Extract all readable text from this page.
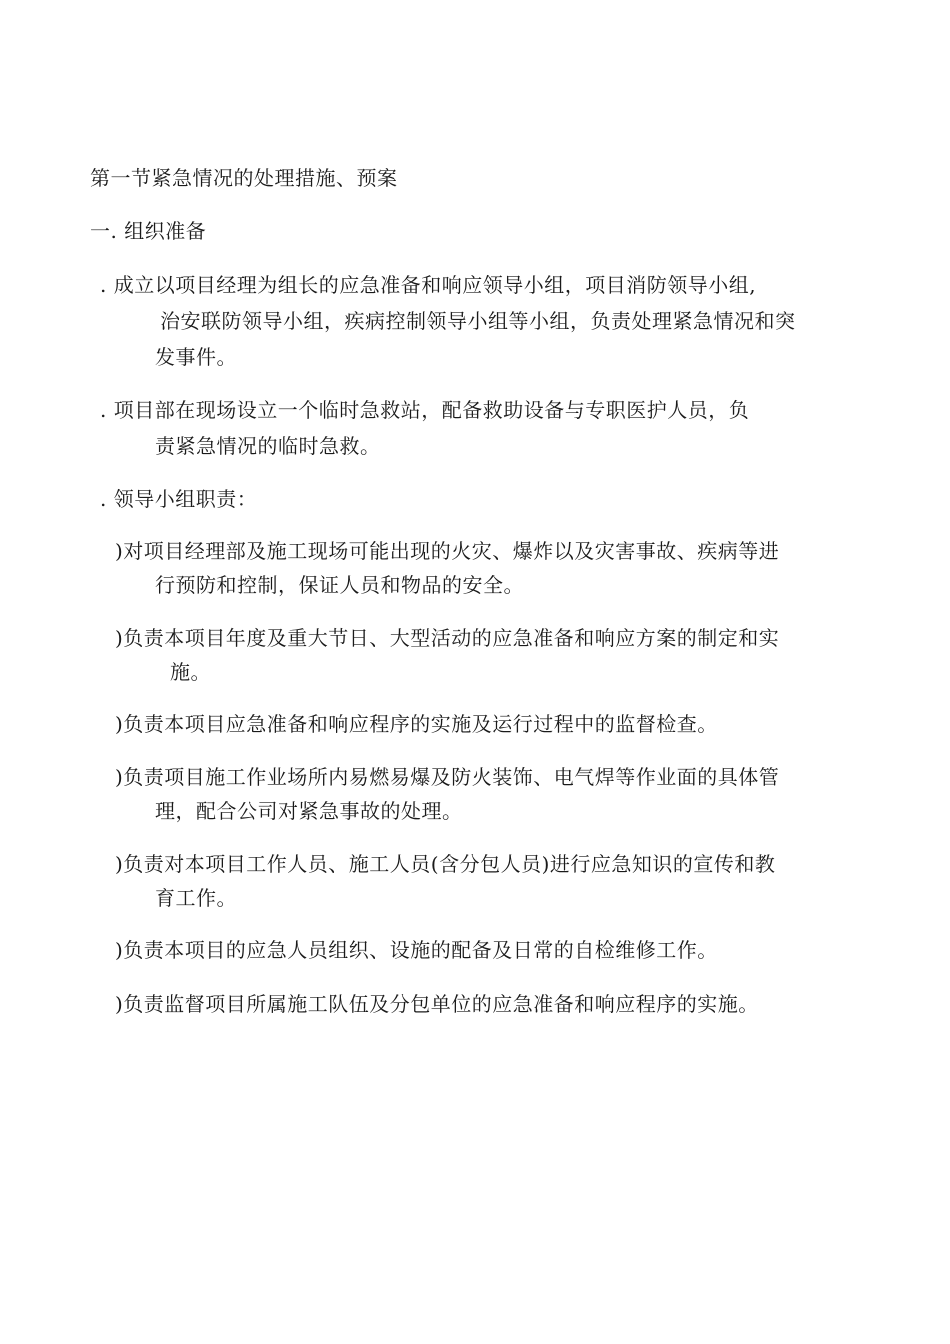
第一节紧急情况的处理措施、预案
一. 组织准备
. 成立以项目经理为组长的应急准备和响应领导小组，项目消防领导小组,
治安联防领导小组，疾病控制领导小组等小组，负责处理紧急情况和突
发事件。
. 项目部在现场设立一个临时急救站，配备救助设备与专职医护人员，负
责紧急情况的临时急救。
. 领导小组职责：
)对项目经理部及施工现场可能出现的火灾、爆炸以及灾害事故、疾病等进
行预防和控制，保证人员和物品的安全。
)负责本项目年度及重大节日、大型活动的应急准备和响应方案的制定和实
施。
)负责本项目应急准备和响应程序的实施及运行过程中的监督检查。
)负责项目施工作业场所内易燃易爆及防火装饰、电气焊等作业面的具体管
理，配合公司对紧急事故的处理。
)负责对本项目工作人员、施工人员(含分包人员)进行应急知识的宣传和教
育工作。
)负责本项目的应急人员组织、设施的配备及日常的自检维修工作。
)负责监督项目所属施工队伍及分包单位的应急准备和响应程序的实施。
